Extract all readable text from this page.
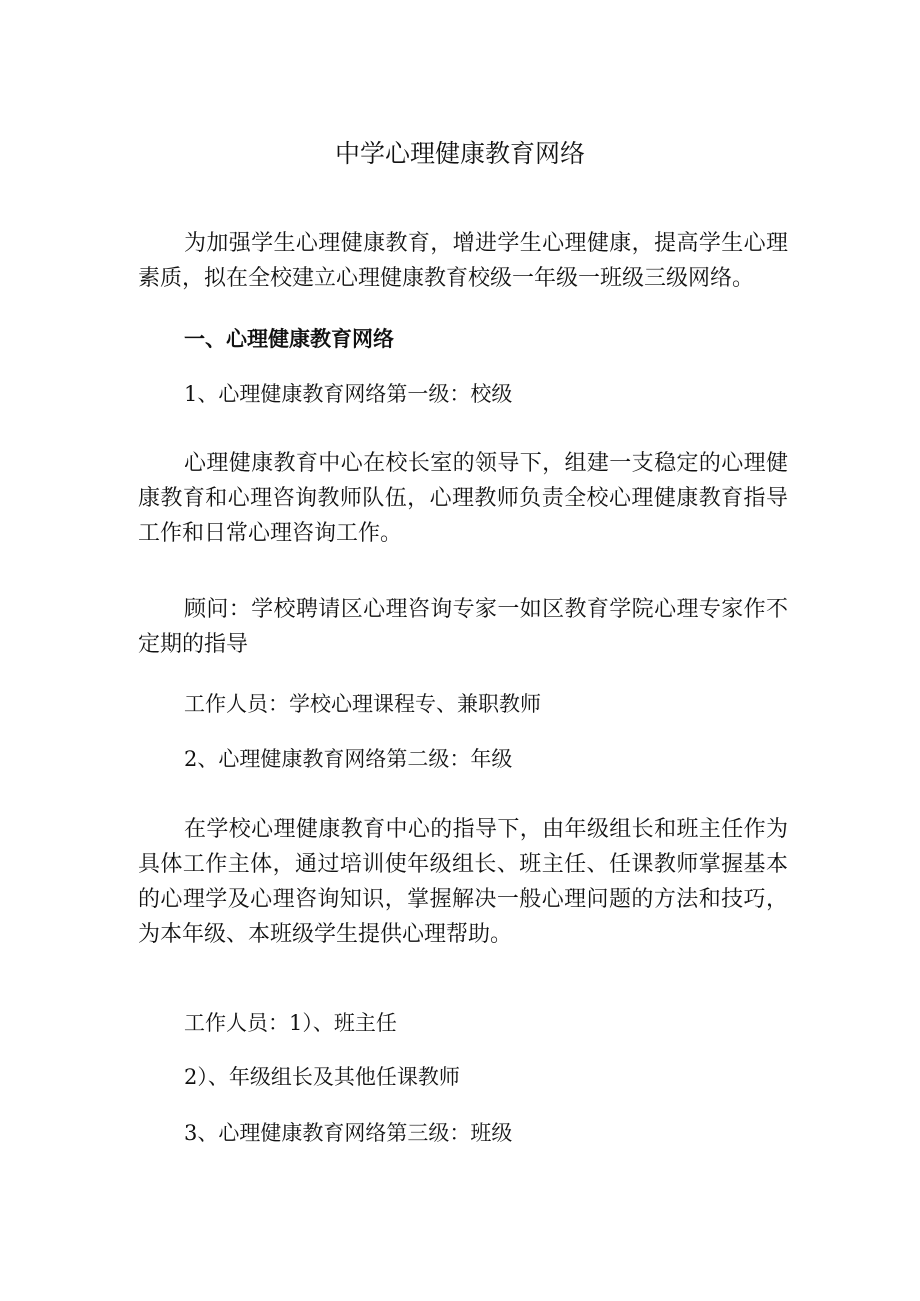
中学心理健康教育网络
为加强学生心理健康教育，增进学生心理健康，提高学生心理素质，拟在全校建立心理健康教育校级一年级一班级三级网络。
一、心理健康教育网络
1、心理健康教育网络第一级：校级
心理健康教育中心在校长室的领导下，组建一支稳定的心理健康教育和心理咨询教师队伍，心理教师负责全校心理健康教育指导工作和日常心理咨询工作。
顾问：学校聘请区心理咨询专家一如区教育学院心理专家作不定期的指导
工作人员：学校心理课程专、兼职教师
2、心理健康教育网络第二级：年级
在学校心理健康教育中心的指导下，由年级组长和班主任作为具体工作主体，通过培训使年级组长、班主任、任课教师掌握基本的心理学及心理咨询知识，掌握解决一般心理问题的方法和技巧，为本年级、本班级学生提供心理帮助。
工作人员：1）、班主任
2）、年级组长及其他任课教师
3、心理健康教育网络第三级：班级
